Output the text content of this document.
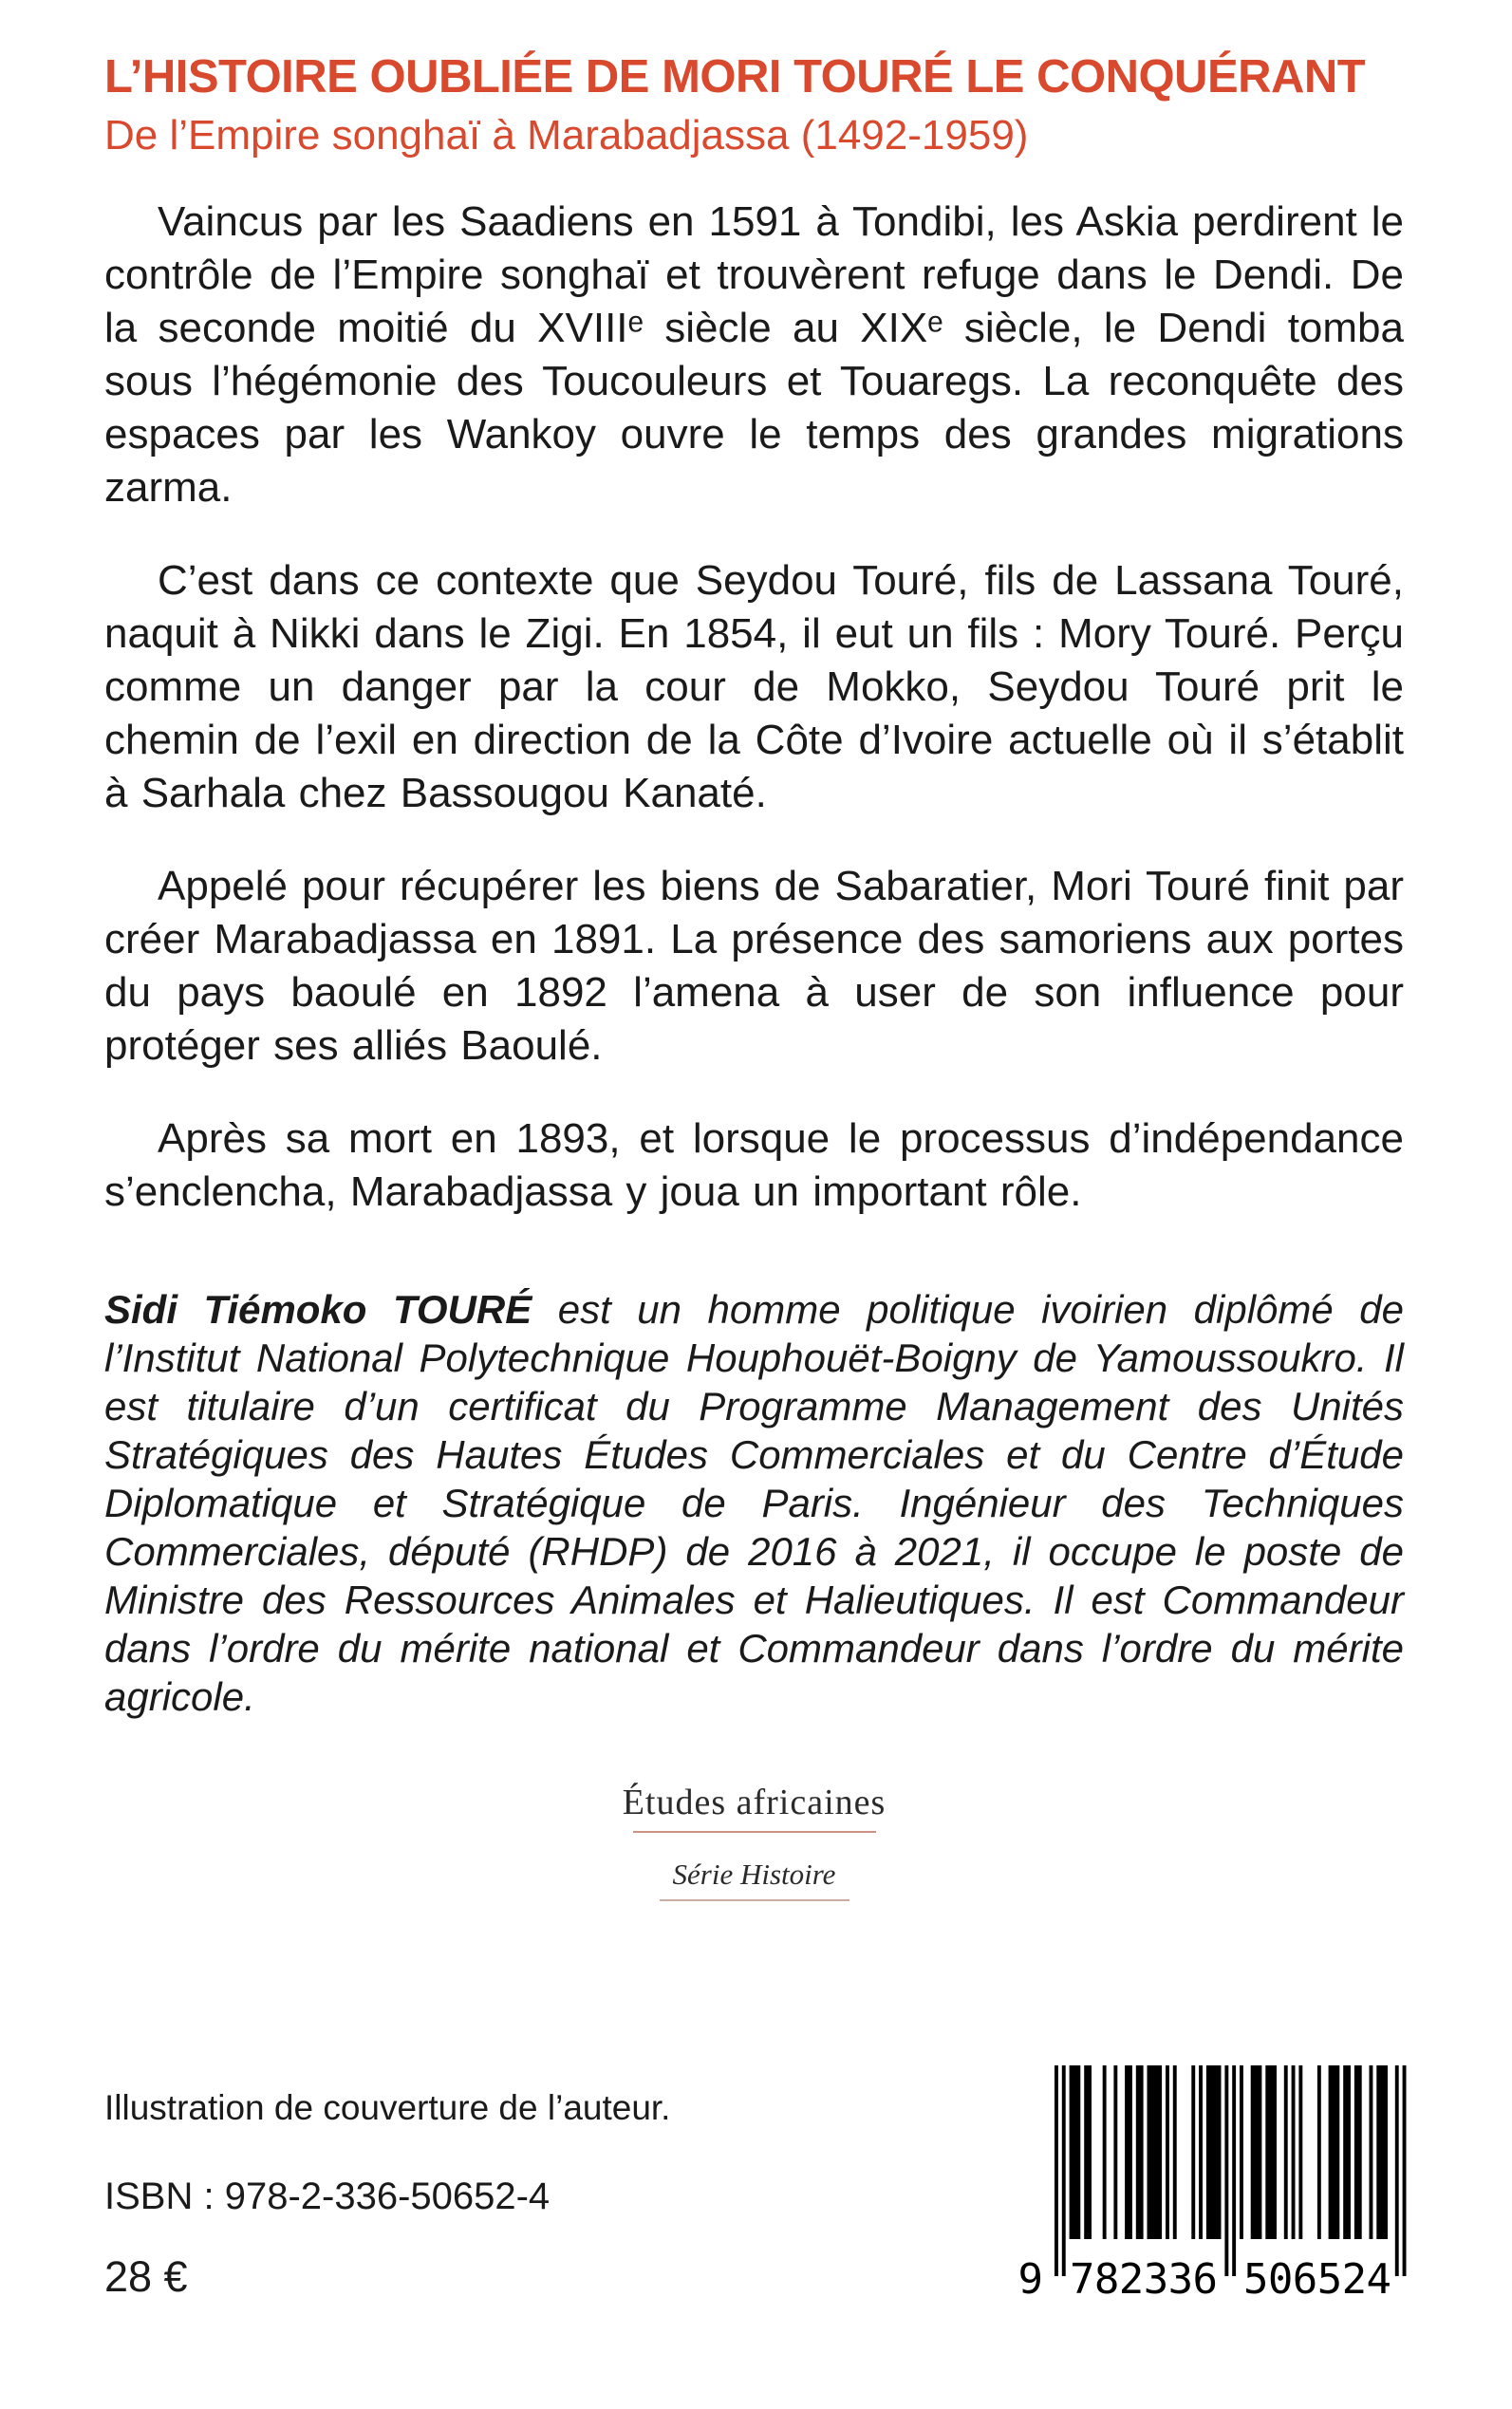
L’HISTOIRE OUBLIÉE DE MORI TOURÉ LE CONQUÉRANT
De l’Empire songhaï à Marabadjassa (1492-1959)

Vaincus par les Saadiens en 1591 à Tondibi, les Askia perdirent le contrôle de l’Empire songhaï et trouvèrent refuge dans le Dendi. De la seconde moitié du XVIIIᵉ siècle au XIXᵉ siècle, le Dendi tomba sous l’hégémonie des Toucouleurs et Touaregs. La reconquête des espaces par les Wankoy ouvre le temps des grandes migrations zarma.

C’est dans ce contexte que Seydou Touré, fils de Lassana Touré, naquit à Nikki dans le Zigi. En 1854, il eut un fils : Mory Touré. Perçu comme un danger par la cour de Mokko, Seydou Touré prit le chemin de l’exil en direction de la Côte d’Ivoire actuelle où il s’établit à Sarhala chez Bassougou Kanaté.

Appelé pour récupérer les biens de Sabaratier, Mori Touré finit par créer Marabadjassa en 1891. La présence des samoriens aux portes du pays baoulé en 1892 l’amena à user de son influence pour protéger ses alliés Baoulé.

Après sa mort en 1893, et lorsque le processus d’indépendance s’enclencha, Marabadjassa y joua un important rôle.

Sidi Tiémoko TOURÉ est un homme politique ivoirien diplômé de l’Institut National Polytechnique Houphouët-Boigny de Yamoussoukro. Il est titulaire d’un certificat du Programme Management des Unités Stratégiques des Hautes Études Commerciales et du Centre d’Étude Diplomatique et Stratégique de Paris. Ingénieur des Techniques Commerciales, député (RHDP) de 2016 à 2021, il occupe le poste de Ministre des Ressources Animales et Halieutiques. Il est Commandeur dans l’ordre du mérite national et Commandeur dans l’ordre du mérite agricole.

Études africaines
Série Histoire
Illustration de couverture de l’auteur.
ISBN : 978-2-336-50652-4
28 €	9 782336 506524
